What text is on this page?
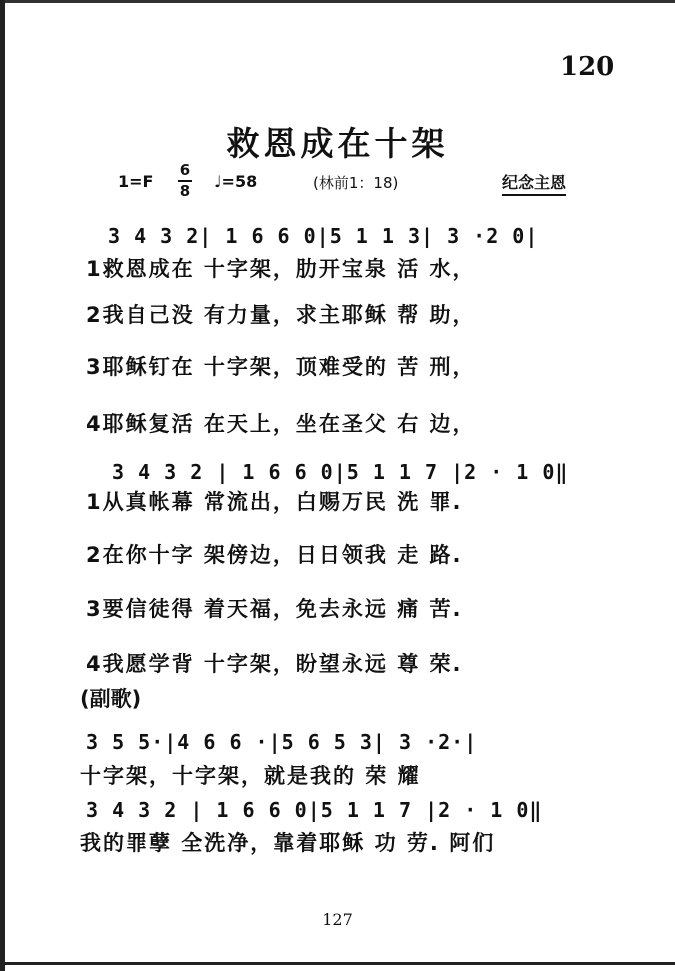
120
救恩成在十架
1=F
6
8 ♩=58	(林前1：18)	纪念主恩
3 4 3 2| 1 6 6 0|5 1 1 3| 3 ·2 0|
1救恩成在 十字架，肋开宝泉 活 水，
2我自己没 有力量，求主耶稣 帮 助，
3耶稣钉在 十字架，顶难受的 苦 刑，
4耶稣复活 在天上，坐在圣父 右 边，
3 4 3 2 | 1 6 6 0|5 1 1 7 |2 · 1 0‖
1从真帐幕 常流出，白赐万民 洗 罪.
2在你十字 架傍边，日日领我 走 路.
3要信徒得 着天福，免去永远 痛 苦.
4我愿学背 十字架，盼望永远 尊 荣.
(副歌)
3 5 5·|4 6 6 ·|5 6 5 3| 3 ·2·|
十字架，十字架，就是我的 荣 耀
3 4 3 2 | 1 6 6 0|5 1 1 7 |2 · 1 0‖
我的罪孽 全洗净，靠着耶稣 功 劳. 阿们
127
